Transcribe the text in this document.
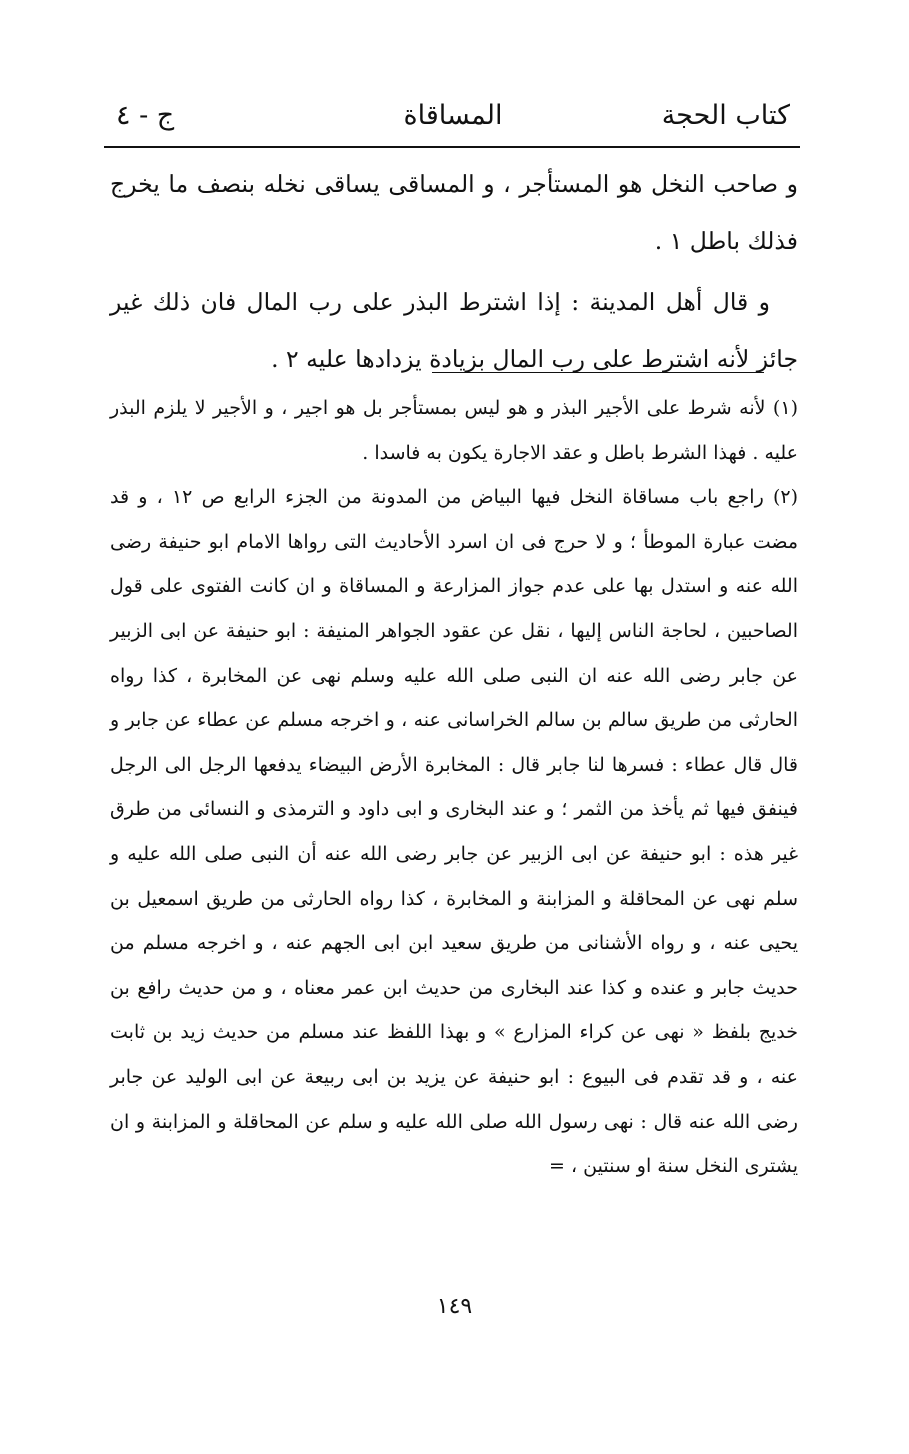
كتاب الحجة
المساقاة
ج - ٤

و صاحب النخل هو المستأجر ، و المساقى يساقى نخله بنصف ما يخرج فذلك باطل ١ .

و قال أهل المدينة : إذا اشترط البذر على رب المال فان ذلك غير جائز لأنه اشترط على رب المال بزيادة يزدادها عليه ٢ .

(١) لأنه شرط على الأجير البذر و هو ليس بمستأجر بل هو اجير ، و الأجير لا يلزم البذر عليه . فهذا الشرط باطل و عقد الاجارة يكون به فاسدا .

(٢) راجع باب مساقاة النخل فيها البياض من المدونة من الجزء الرابع ص ١٢ ، و قد مضت عبارة الموطأ ؛ و لا حرج فى ان اسرد الأحاديث التى رواها الامام ابو حنيفة رضى الله عنه و استدل بها على عدم جواز المزارعة و المساقاة و ان كانت الفتوى على قول الصاحبين ، لحاجة الناس إليها ، نقل عن عقود الجواهر المنيفة : ابو حنيفة عن ابى الزبير عن جابر رضى الله عنه ان النبى صلى الله عليه وسلم نهى عن المخابرة ، كذا رواه الحارثى من طريق سالم بن سالم الخراسانى عنه ، و اخرجه مسلم عن عطاء عن جابر و قال قال عطاء : فسرها لنا جابر قال : المخابرة الأرض البيضاء يدفعها الرجل الى الرجل فينفق فيها ثم يأخذ من الثمر ؛ و عند البخارى و ابى داود و الترمذى و النسائى من طرق غير هذه : ابو حنيفة عن ابى الزبير عن جابر رضى الله عنه أن النبى صلى الله عليه و سلم نهى عن المحاقلة و المزابنة و المخابرة ، كذا رواه الحارثى من طريق اسمعيل بن يحيى عنه ، و رواه الأشنانى من طريق سعيد ابن ابى الجهم عنه ، و اخرجه مسلم من حديث جابر و عنده و كذا عند البخارى من حديث ابن عمر معناه ، و من حديث رافع بن خديج بلفظ « نهى عن كراء المزارع » و بهذا اللفظ عند مسلم من حديث زيد بن ثابت عنه ، و قد تقدم فى البيوع : ابو حنيفة عن يزيد بن ابى ربيعة عن ابى الوليد عن جابر رضى الله عنه قال : نهى رسول الله صلى الله عليه و سلم عن المحاقلة و المزابنة و ان يشترى النخل سنة او سنتين ، =

١٤٩
